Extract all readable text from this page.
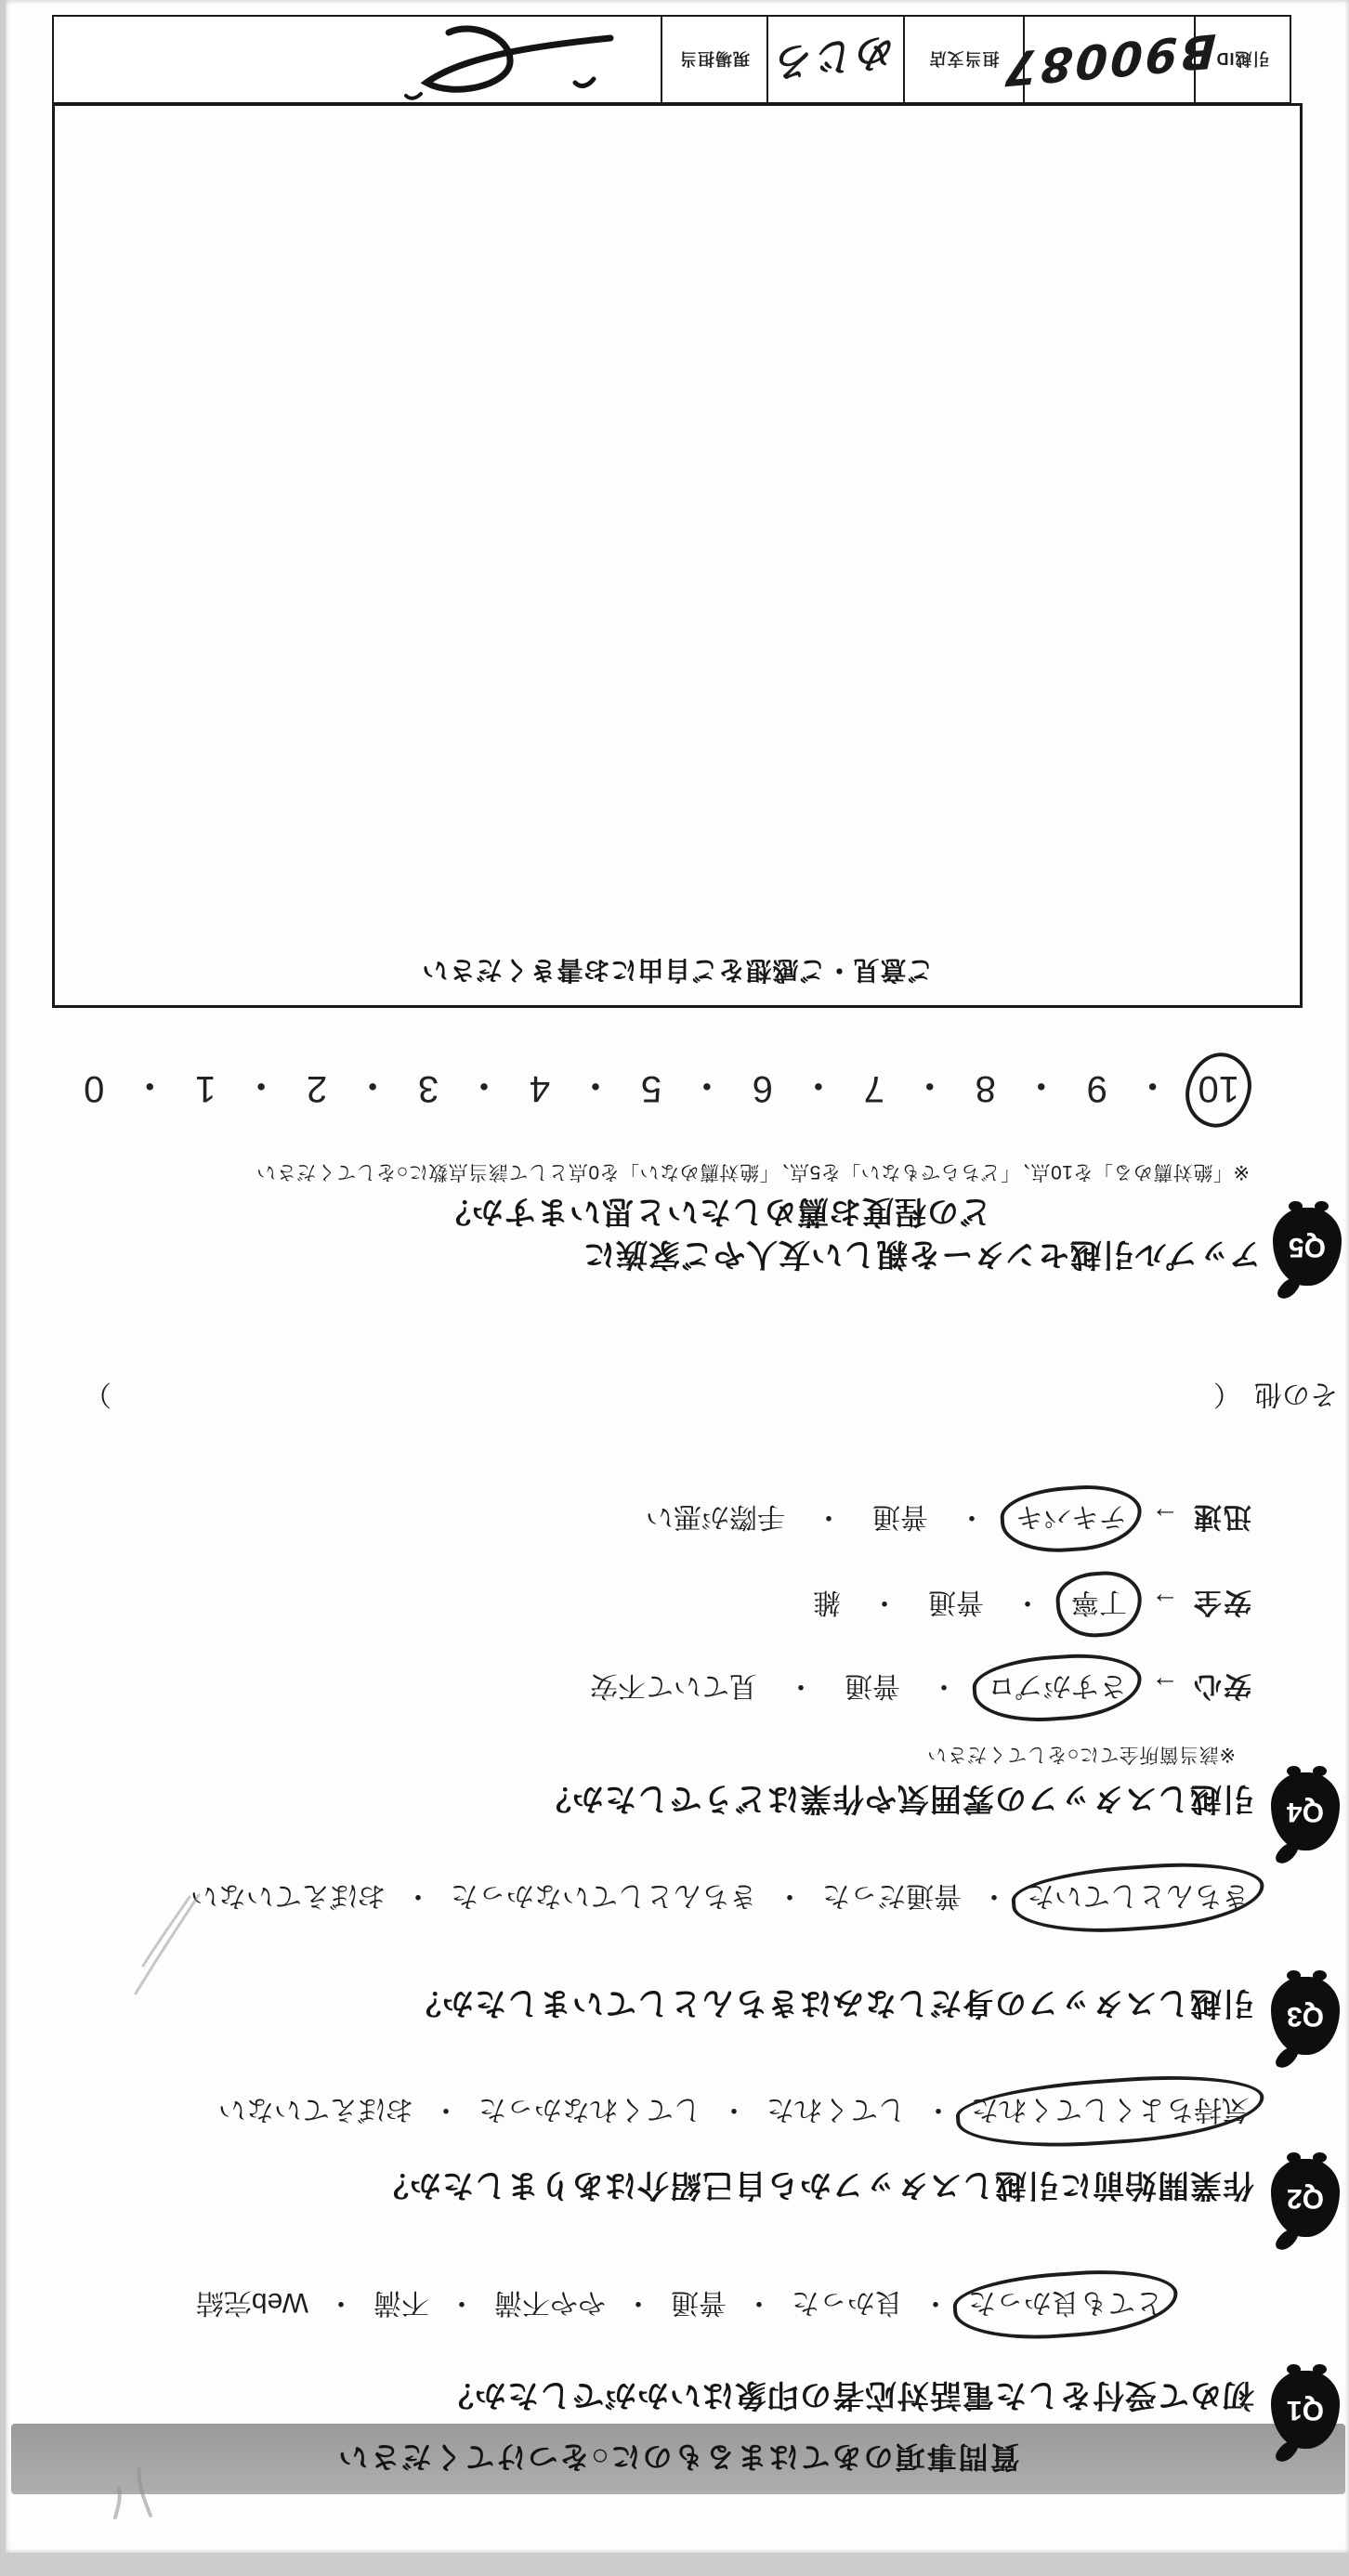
質問事項のあてはまるものに○をつけてください
Q1
初めて受付をした電話対応者の印象はいかがでしたか？
とても良かった・良かった・普通・やや不満・不満・Web完結
Q2
作業開始前に引越しスタッフから自己紹介はありましたか？
気持ちよくしてくれた・してくれた・してくれなかった・おぼえていない
Q3
引越しスタッフの身だしなみはきちんとしていましたか？
きちんとしていた・普通だった・きちんとしていなかった・おぼえていない
Q4
引越しスタッフの雰囲気や作業はどうでしたか？
※該当箇所全てに○をしてください
安心→さすがプロ・普通・見ていて不安
安全→丁寧・普通・雑
迅速→テキパキ・普通・手際が悪い
その他
（
）
Q5
アップル引越センターを親しい友人やご家族に
どの程度お薦めしたいと思いますか？
※「絶対薦める」を10点、「どちらでもない」を5点、「絶対薦めない」を0点として該当点数に○をしてください
10
・
9
・
8
・
7
・
6
・
5
・
4
・
3
・
2
・
1
・
0
ご意見・ご感想をご自由にお書きください
引越ID
B90087
担当支店
めじろ
現場担当
